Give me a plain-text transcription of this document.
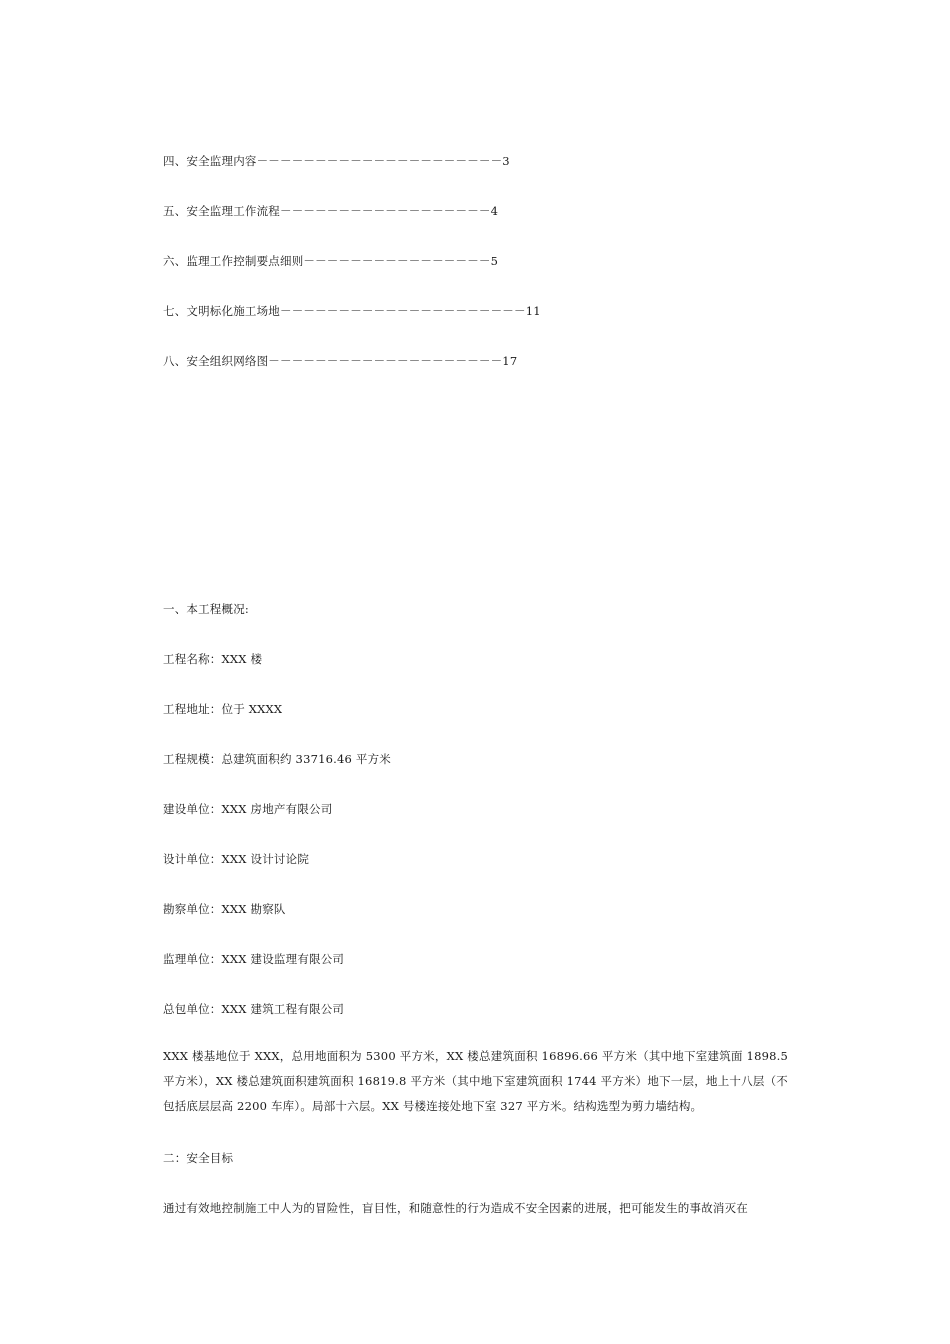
四、安全监理内容－－－－－－－－－－－－－－－－－－－－－3
五、安全监理工作流程－－－－－－－－－－－－－－－－－－4
六、监理工作控制要点细则－－－－－－－－－－－－－－－－5
七、文明标化施工场地－－－－－－－－－－－－－－－－－－－－－11
八、安全组织网络图－－－－－－－－－－－－－－－－－－－－17
一、本工程概况:
工程名称：XXX 楼
工程地址：位于 XXXX
工程规模：总建筑面积约 33716.46 平方米
建设单位：XXX 房地产有限公司
设计单位：XXX 设计讨论院
勘察单位：XXX 勘察队
监理单位：XXX 建设监理有限公司
总包单位：XXX 建筑工程有限公司
XXX 楼基地位于 XXX，总用地面积为 5300 平方米，XX 楼总建筑面积 16896.66 平方米（其中地下室建筑面 1898.5 平方米），XX 楼总建筑面积建筑面积 16819.8 平方米（其中地下室建筑面积 1744 平方米）地下一层，地上十八层（不包括底层层高 2200 车库）。局部十六层。XX 号楼连接处地下室 327 平方米。结构选型为剪力墙结构。
二：安全目标
通过有效地控制施工中人为的冒险性，盲目性，和随意性的行为造成不安全因素的进展，把可能发生的事故消灭在
